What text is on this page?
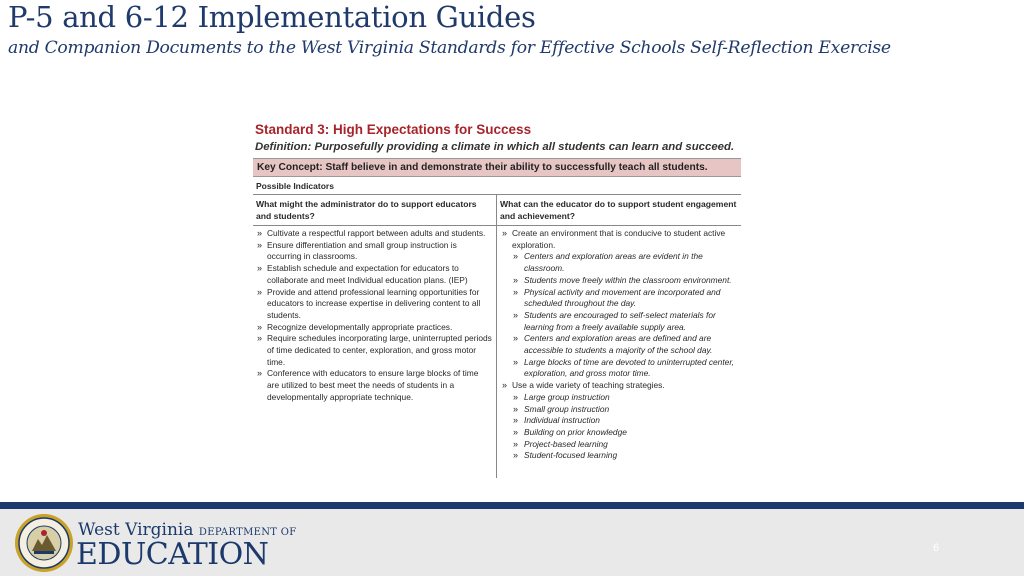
P-5 and 6-12 Implementation Guides

and Companion Documents to the West Virginia Standards for Effective Schools Self-Reflection Exercise

Standard 3: High Expectations for Success
Definition: Purposefully providing a climate in which all students can learn and succeed.
Key Concept: Staff believe in and demonstrate their ability to successfully teach all students.
Possible Indicators
What might the administrator do to support educators and students?
What can the educator do to support student engagement and achievement?
» Cultivate a respectful rapport between adults and students.
» Ensure differentiation and small group instruction is occurring in classrooms.
» Establish schedule and expectation for educators to collaborate and meet Individual education plans. (IEP)
» Provide and attend professional learning opportunities for educators to increase expertise in delivering content to all students.
» Recognize developmentally appropriate practices.
» Require schedules incorporating large, uninterrupted periods of time dedicated to center, exploration, and gross motor time.
» Conference with educators to ensure large blocks of time are utilized to best meet the needs of students in a developmentally appropriate technique.
» Create an environment that is conducive to student active exploration.
» Centers and exploration areas are evident in the classroom.
» Students move freely within the classroom environment.
» Physical activity and movement are incorporated and scheduled throughout the day.
» Students are encouraged to self-select materials for learning from a freely available supply area.
» Centers and exploration areas are defined and are accessible to students a majority of the school day.
» Large blocks of time are devoted to uninterrupted center, exploration, and gross motor time.
» Use a wide variety of teaching strategies.
» Large group instruction
» Small group instruction
» Individual instruction
» Building on prior knowledge
» Project-based learning
» Student-focused learning
West Virginia DEPARTMENT OF
EDUCATION	6
